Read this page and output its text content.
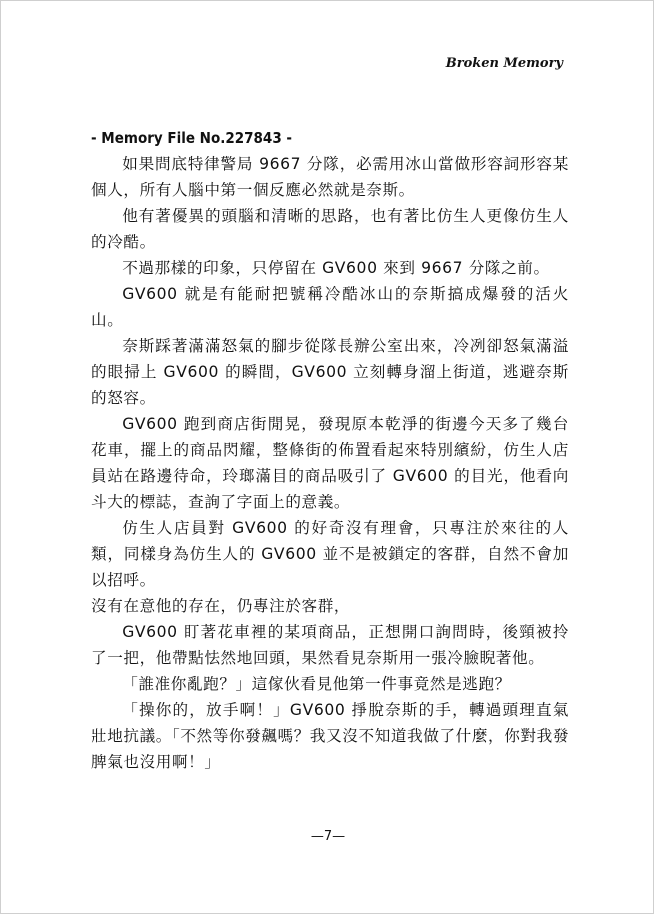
Broken Memory
- Memory File No.227843 -

如果問底特律警局 9667 分隊，必需用冰山當做形容詞形容某個人，所有人腦中第一個反應必然就是奈斯。

他有著優異的頭腦和清晰的思路，也有著比仿生人更像仿生人的冷酷。

不過那樣的印象，只停留在 GV600 來到 9667 分隊之前。

GV600 就是有能耐把號稱冷酷冰山的奈斯搞成爆發的活火山。

奈斯踩著滿滿怒氣的腳步從隊長辦公室出來，冷冽卻怒氣滿溢的眼掃上 GV600 的瞬間，GV600 立刻轉身溜上街道，逃避奈斯的怒容。

GV600 跑到商店街閒晃，發現原本乾淨的街邊今天多了幾台花車，擺上的商品閃耀，整條街的佈置看起來特別繽紛，仿生人店員站在路邊待命，玲瑯滿目的商品吸引了 GV600 的目光，他看向斗大的標誌，查詢了字面上的意義。

仿生人店員對 GV600 的好奇沒有理會，只專注於來往的人類，同樣身為仿生人的 GV600 並不是被鎖定的客群，自然不會加以招呼。

沒有在意他的存在，仍專注於客群，

GV600 盯著花車裡的某項商品，正想開口詢問時，後頸被拎了一把，他帶點怯然地回頭，果然看見奈斯用一張冷臉睨著他。

「誰准你亂跑？」這傢伙看見他第一件事竟然是逃跑？

「操你的，放手啊！」GV600 掙脫奈斯的手，轉過頭理直氣壯地抗議。「不然等你發飆嗎？我又沒不知道我做了什麼，你對我發脾氣也沒用啊！」

—7—
